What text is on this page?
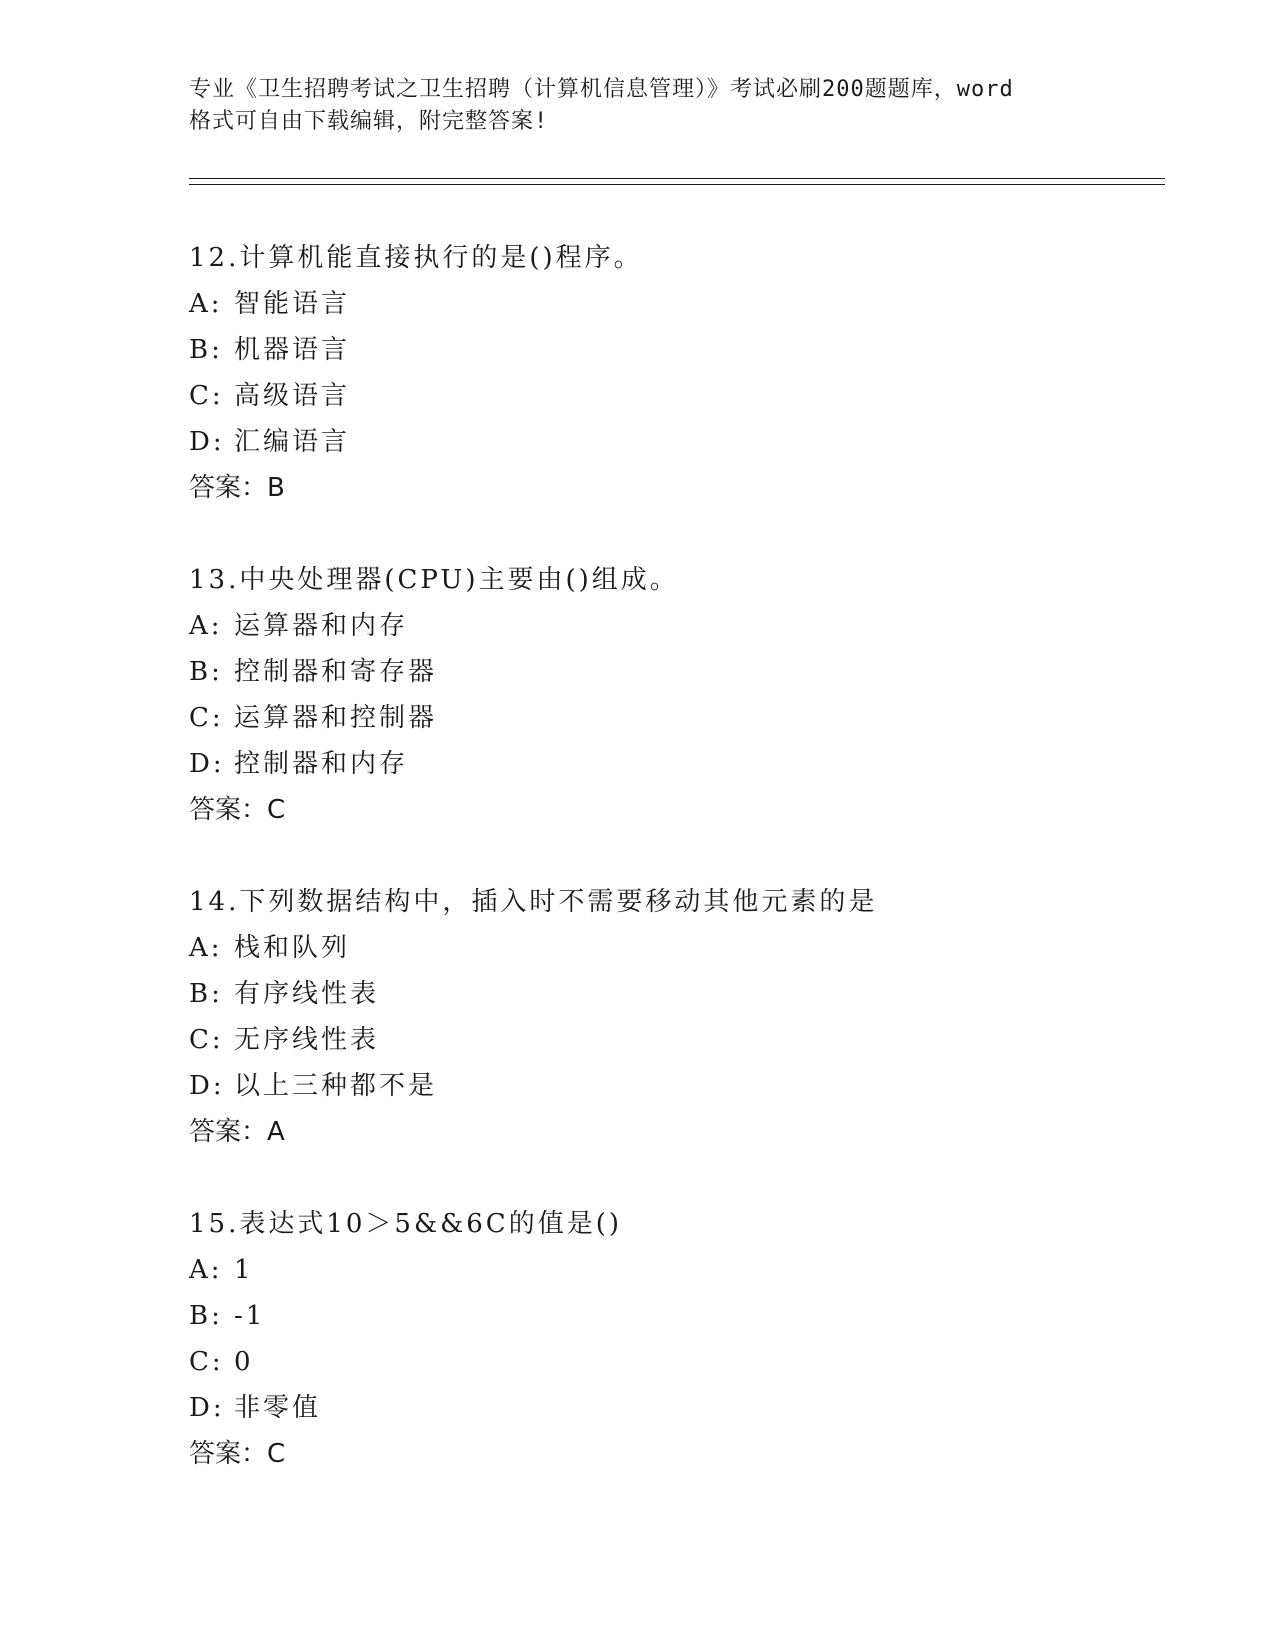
专业《卫生招聘考试之卫生招聘（计算机信息管理）》考试必刷200题题库，word
格式可自由下载编辑，附完整答案!
12.计算机能直接执行的是()程序。
A: 智能语言
B: 机器语言
C: 高级语言
D: 汇编语言
答案：B
13.中央处理器(CPU)主要由()组成。
A: 运算器和内存
B: 控制器和寄存器
C: 运算器和控制器
D: 控制器和内存
答案：C
14.下列数据结构中，插入时不需要移动其他元素的是
A: 栈和队列
B: 有序线性表
C: 无序线性表
D: 以上三种都不是
答案：A
15.表达式10＞5&&6C的值是()
A: 1
B: -1
C: 0
D: 非零值
答案：C
